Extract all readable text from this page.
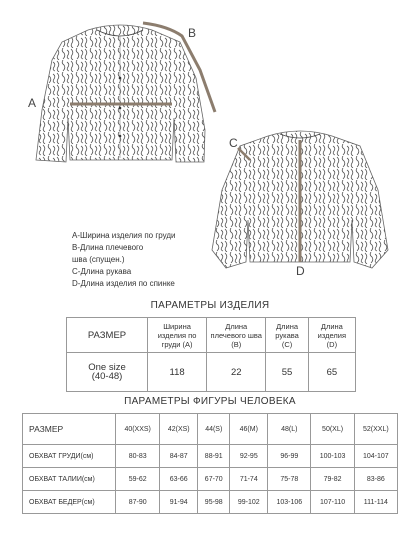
A
B
C
D
A-Ширина изделия по груди
B-Длина плечевого
шва (спущен.)
C-Длина рукава
D-Длина изделия по спинке
ПАРАМЕТРЫ ИЗДЕЛИЯ
РАЗМЕР	Ширина изделия по груди (A)	Длина плечевого шва (B)	Длина рукава (C)	Длина изделия (D)

One size
(40-48)	118	22	55	65
ПАРАМЕТРЫ ФИГУРЫ ЧЕЛОВЕКА
РАЗМЕР	40(XXS)	42(XS)	44(S)	46(M)	48(L)	50(XL)	52(XXL)
ОБХВАТ ГРУДИ(см)	80-83	84-87	88-91	92-95	96-99	100-103	104-107
ОБХВАТ ТАЛИИ(см)	59-62	63-66	67-70	71-74	75-78	79-82	83-86
ОБХВАТ БЕДЕР(см)	87-90	91-94	95-98	99-102	103-106	107-110	111-114
